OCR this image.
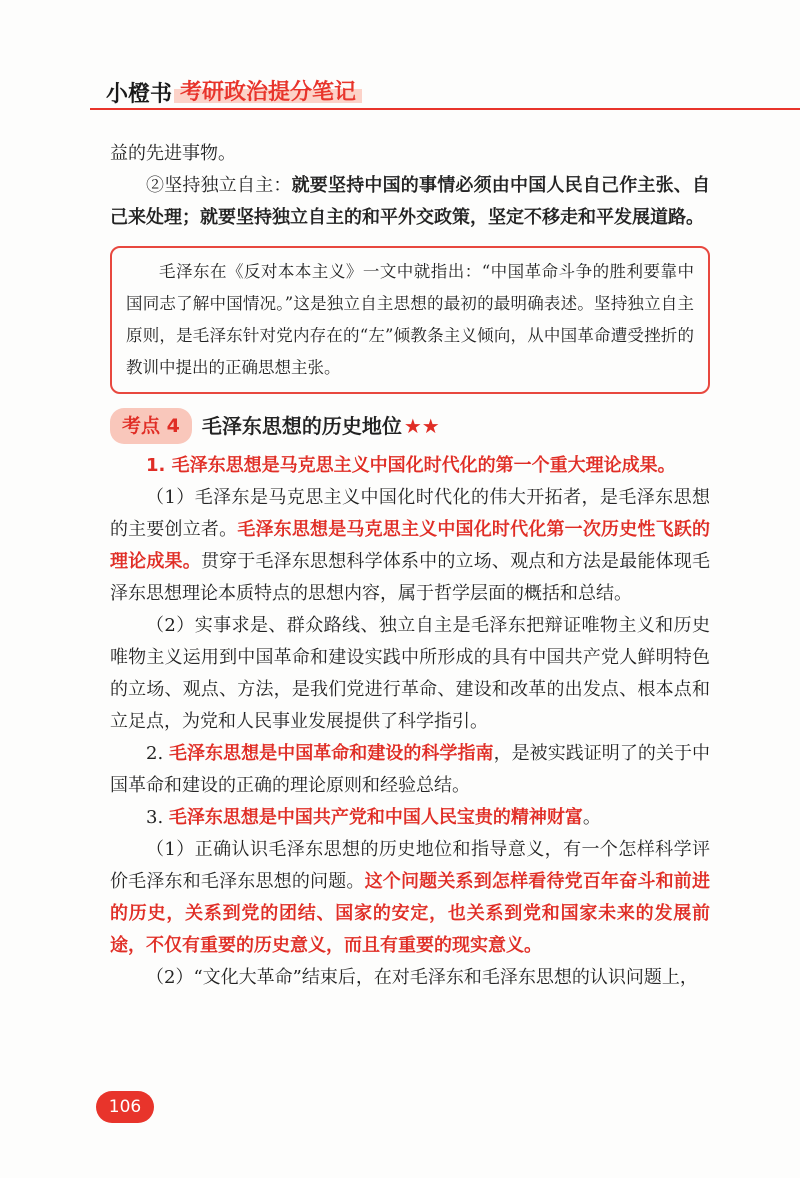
小橙书 考研政治提分笔记

益的先进事物。

②坚持独立自主：就要坚持中国的事情必须由中国人民自己作主张、自己来处理；就要坚持独立自主的和平外交政策，坚定不移走和平发展道路。

毛泽东在《反对本本主义》一文中就指出：“中国革命斗争的胜利要靠中国同志了解中国情况。”这是独立自主思想的最初的最明确表述。坚持独立自主原则，是毛泽东针对党内存在的“左”倾教条主义倾向，从中国革命遭受挫折的教训中提出的正确思想主张。

考点 4	毛泽东思想的历史地位 ★★

1. 毛泽东思想是马克思主义中国化时代化的第一个重大理论成果。

（1）毛泽东是马克思主义中国化时代化的伟大开拓者，是毛泽东思想的主要创立者。毛泽东思想是马克思主义中国化时代化第一次历史性飞跃的理论成果。贯穿于毛泽东思想科学体系中的立场、观点和方法是最能体现毛泽东思想理论本质特点的思想内容，属于哲学层面的概括和总结。

（2）实事求是、群众路线、独立自主是毛泽东把辩证唯物主义和历史唯物主义运用到中国革命和建设实践中所形成的具有中国共产党人鲜明特色的立场、观点、方法，是我们党进行革命、建设和改革的出发点、根本点和立足点，为党和人民事业发展提供了科学指引。

2. 毛泽东思想是中国革命和建设的科学指南，是被实践证明了的关于中国革命和建设的正确的理论原则和经验总结。

3. 毛泽东思想是中国共产党和中国人民宝贵的精神财富。

（1）正确认识毛泽东思想的历史地位和指导意义，有一个怎样科学评价毛泽东和毛泽东思想的问题。这个问题关系到怎样看待党百年奋斗和前进的历史，关系到党的团结、国家的安定，也关系到党和国家未来的发展前途，不仅有重要的历史意义，而且有重要的现实意义。

（2）“文化大革命”结束后，在对毛泽东和毛泽东思想的认识问题上，

106
